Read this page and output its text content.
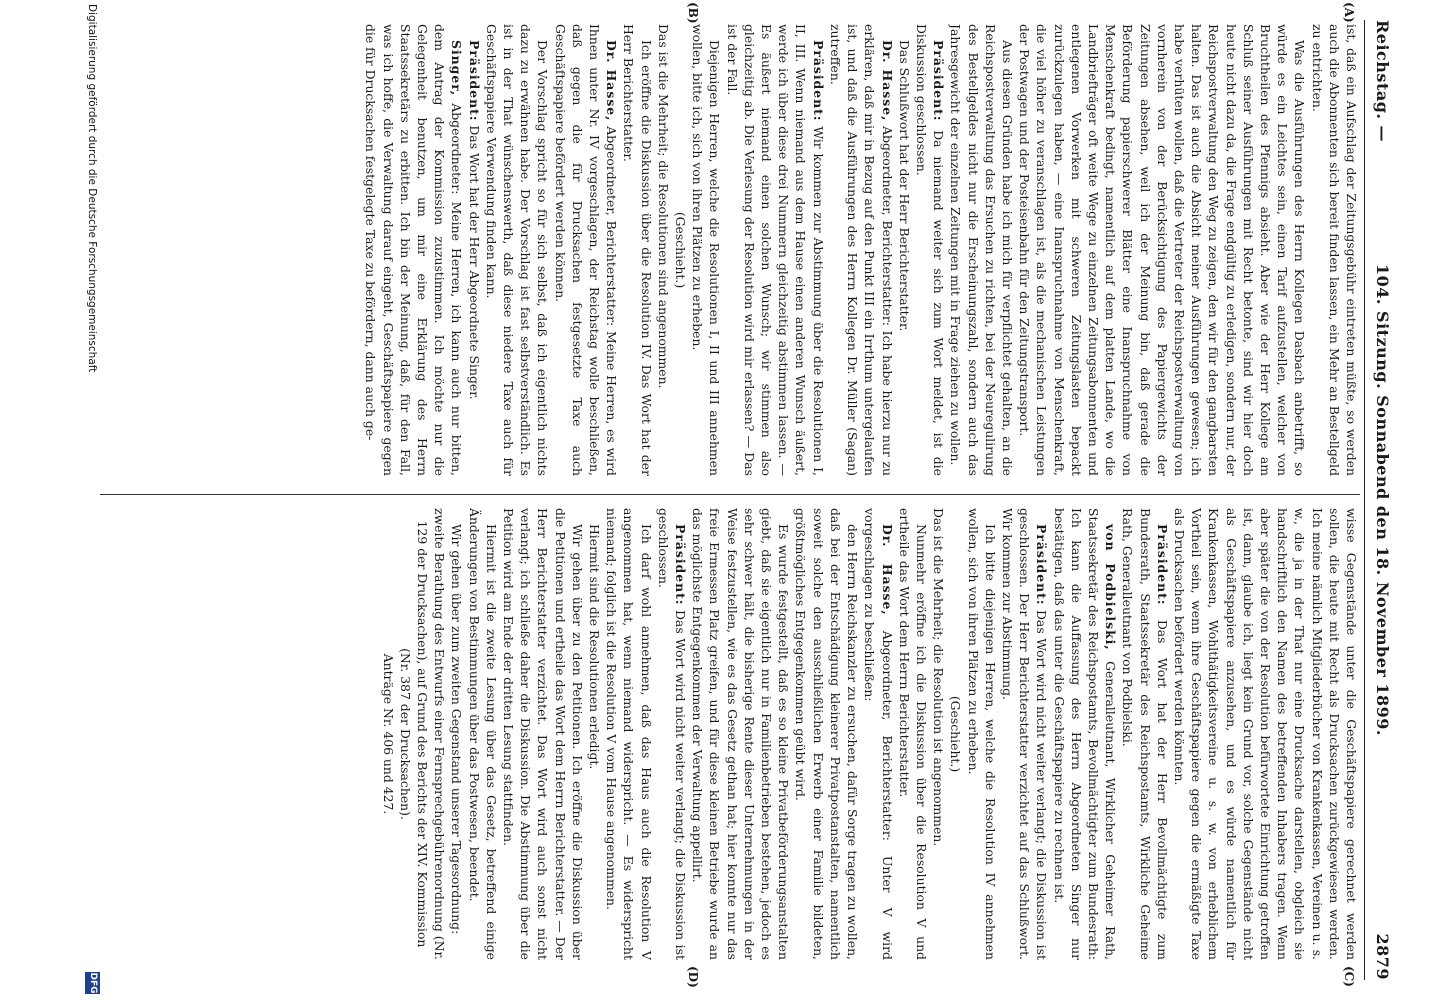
Reichstag. —
104. Sitzung. Sonnabend den 18. November 1899.
2879
(A)
(B)
(C)
(D)

ist, daß ein Aufschlag der Zeitungsgebühr eintreten müßte, so werden auch die Abonnenten sich bereit finden lassen, ein Mehr an Bestellgeld zu entrichten.

Was die Ausführungen des Herrn Kollegen Dasbach anbetrifft, so würde es ein Leichtes sein, einen Tarif aufzustellen, welcher von Bruchtheilen des Pfennigs absieht. Aber wie der Herr Kollege am Schluß seiner Ausführungen mit Recht betonte, sind wir hier doch heute nicht dazu da, die Frage endgültig zu erledigen, sondern nur, der Reichspostverwaltung den Weg zu zeigen, den wir für den gangbarsten halten. Das ist auch die Absicht meiner Ausführungen gewesen; ich habe verhüten wollen, daß die Vertreter der Reichspostverwaltung von vornherein von der Berücksichtigung des Papiergewichts der Zeitungen absehen, weil ich der Meinung bin, daß gerade die Beförderung papierschwerer Blätter eine Inanspruchnahme von Menschenkraft bedingt, namentlich auf dem platten Lande, wo die Landbriefträger oft weite Wege zu einzelnen Zeitungsabonnenten und entlegenen Vorwerken mit schweren Zeitungslasten bepackt zurückzulegen haben, — eine Inanspruchnahme von Menschenkraft, die viel höher zu veranschlagen ist, als die mechanischen Leistungen der Postwagen und der Posteisenbahn für den Zeitungstransport.

Aus diesen Gründen habe ich mich für verpflichtet gehalten, an die Reichspostverwaltung das Ersuchen zu richten, bei der Neuregulirung des Bestellgeldes nicht nur die Erscheinungszahl, sondern auch das Jahresgewicht der einzelnen Zeitungen mit in Frage ziehen zu wollen.

Präsident: Da niemand weiter sich zum Wort meldet, ist die Diskussion geschlossen.

Das Schlußwort hat der Herr Berichterstatter.

Dr. Hasse, Abgeordneter, Berichterstatter: Ich habe hierzu nur zu erklären, daß mir in Bezug auf den Punkt III ein Irrthum untergelaufen ist, und daß die Ausführungen des Herrn Kollegen Dr. Müller (Sagan) zutreffen.

Präsident: Wir kommen zur Abstimmung über die Resolutionen I, II, III. Wenn niemand aus dem Hause einen anderen Wunsch äußert, werde ich über diese drei Nummern gleichzeitig abstimmen lassen. — Es äußert niemand einen solchen Wunsch; wir stimmen also gleichzeitig ab. Die Verlesung der Resolution wird mir erlassen? — Das ist der Fall.

Diejenigen Herren, welche die Resolutionen I, II und III annehmen wollen, bitte ich, sich von ihren Plätzen zu erheben.

(Geschieht.)

Das ist die Mehrheit; die Resolutionen sind angenommen.

Ich eröffne die Diskussion über die Resolution IV. Das Wort hat der Herr Berichterstatter.

Dr. Hasse, Abgeordneter, Berichterstatter: Meine Herren, es wird Ihnen unter Nr. IV vorgeschlagen, der Reichstag wolle beschließen, daß gegen die für Drucksachen festgesetzte Taxe auch Geschäftspapiere befördert werden können.

Der Vorschlag spricht so für sich selbst, daß ich eigentlich nichts dazu zu erwähnen habe. Der Vorschlag ist fast selbstverständlich. Es ist in der That wünschenswerth, daß diese niedere Taxe auch für Geschäftspapiere Verwendung finden kann.

Präsident: Das Wort hat der Herr Abgeordnete Singer.

Singer, Abgeordneter: Meine Herren, ich kann auch nur bitten, dem Antrag der Kommission zuzustimmen. Ich möchte nur die Gelegenheit benutzen, um mir eine Erklärung des Herrn Staatssekretärs zu erbitten. Ich bin der Meinung, daß, für den Fall, was ich hoffe, die Verwaltung darauf eingeht, Geschäftspapiere gegen die für Drucksachen festgelegte Taxe zu befördern, dann auch ge-

wisse Gegenstände unter die Geschäftspapiere gerechnet werden sollen, die heute mit Recht als Drucksachen zurückgewiesen werden. Ich meine nämlich Mitgliederbücher von Krankenkassen, Vereinen u. s. w., die ja in der That nur eine Drucksache darstellen, obgleich sie handschriftlich den Namen des betreffenden Inhabers tragen. Wenn aber später die von der Resolution befürwortete Einrichtung getroffen ist, dann, glaube ich, liegt kein Grund vor, solche Gegenstände nicht als Geschäftspapiere anzusehen, und es würde namentlich für Krankenkassen, Wohlthätigkeitsvereine u. s. w. von erheblichem Vortheil sein, wenn ihre Geschäftspapiere gegen die ermäßigte Taxe als Drucksachen befördert werden könnten.

Präsident: Das Wort hat der Herr Bevollmächtigte zum Bundesrath, Staatssekretär des Reichspostamts, Wirkliche Geheime Rath, Generalleutnant von Podbielski.

von Podbielski, Generalleutnant, Wirklicher Geheimer Rath, Staatssekretär des Reichspostamts, Bevollmächtigter zum Bundesrath: Ich kann die Auffassung des Herrn Abgeordneten Singer nur bestätigen, daß das unter die Geschäftspapiere zu rechnen ist.

Präsident: Das Wort wird nicht weiter verlangt; die Diskussion ist geschlossen. Der Herr Berichterstatter verzichtet auf das Schlußwort. Wir kommen zur Abstimmung.

Ich bitte diejenigen Herren, welche die Resolution IV annehmen wollen, sich von ihren Plätzen zu erheben.

(Geschieht.)

Das ist die Mehrheit; die Resolution ist angenommen.

Nunmehr eröffne ich die Diskussion über die Resolution V und ertheile das Wort dem Herrn Berichterstatter.

Dr. Hasse, Abgeordneter, Berichterstatter: Unter V wird vorgeschlagen zu beschließen:

den Herrn Reichskanzler zu ersuchen, dafür Sorge tragen zu wollen, daß bei der Entschädigung kleinerer Privatpostanstalten, namentlich soweit solche den ausschließlichen Erwerb einer Familie bildeten, größtmögliches Entgegenkommen geübt wird.

Es wurde festgestellt, daß es so kleine Privatbeförderungsanstalten giebt, daß sie eigentlich nur in Familienbetrieben bestehen, jedoch es sehr schwer hält, die bisherige Rente dieser Unternehmungen in der Weise festzustellen, wie es das Gesetz gethan hat; hier konnte nur das freie Ermessen Platz greifen, und für diese kleinen Betriebe wurde an das möglichste Entgegenkommen der Verwaltung appellirt.

Präsident: Das Wort wird nicht weiter verlangt; die Diskussion ist geschlossen.

Ich darf wohl annehmen, daß das Haus auch die Resolution V angenommen hat, wenn niemand widerspricht. — Es widerspricht niemand; folglich ist die Resolution V vom Hause angenommen.

Hiermit sind die Resolutionen erledigt.

Wir gehen über zu den Petitionen. Ich eröffne die Diskussion über die Petitionen und ertheile das Wort dem Herrn Berichterstatter. — Der Herr Berichterstatter verzichtet. Das Wort wird auch sonst nicht verlangt; ich schließe daher die Diskussion. Die Abstimmung über die Petition wird am Ende der dritten Lesung stattfinden.

Hiermit ist die zweite Lesung über das Gesetz, betreffend einige Änderungen von Bestimmungen über das Postwesen, beendet.

Wir gehen über zum zweiten Gegenstand unserer Tagesordnung:

zweite Berathung des Entwurfs einer Fernsprechgebührenordnung (Nr. 129 der Drucksachen), auf Grund des Berichts der XIV. Kommission (Nr. 387 der Drucksachen).

Anträge Nr. 406 und 427.

Digitalisierung gefördert durch die Deutsche Forschungsgemeinschaft
DFG
